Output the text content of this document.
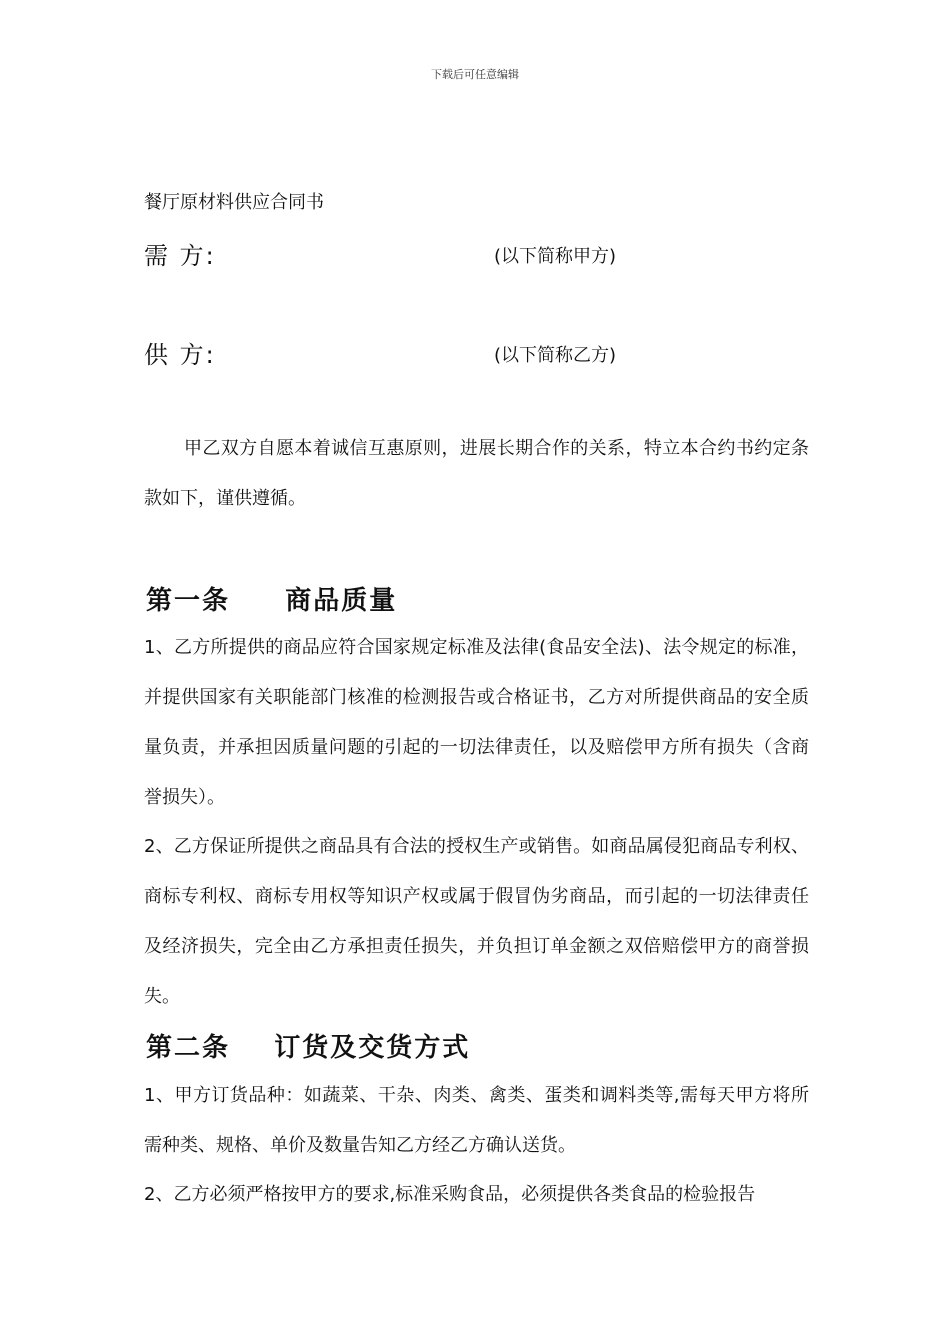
下载后可任意编辑
餐厅原材料供应合同书
需 方:	(以下简称甲方)
供 方:	(以下简称乙方)

甲乙双方自愿本着诚信互惠原则，进展长期合作的关系，特立本合约书约定条款如下，谨供遵循。

第一条     商品质量

1、乙方所提供的商品应符合国家规定标准及法律(食品安全法)、法令规定的标准，并提供国家有关职能部门核准的检测报告或合格证书，乙方对所提供商品的安全质量负责，并承担因质量问题的引起的一切法律责任，以及赔偿甲方所有损失（含商誉损失）。

2、乙方保证所提供之商品具有合法的授权生产或销售。如商品属侵犯商品专利权、商标专利权、商标专用权等知识产权或属于假冒伪劣商品，而引起的一切法律责任及经济损失，完全由乙方承担责任损失，并负担订单金额之双倍赔偿甲方的商誉损失。

第二条    订货及交货方式

1、甲方订货品种：如蔬菜、干杂、肉类、禽类、蛋类和调料类等,需每天甲方将所 需种类、规格、单价及数量告知乙方经乙方确认送货。

2、乙方必须严格按甲方的要求,标准采购食品，必须提供各类食品的检验报告
